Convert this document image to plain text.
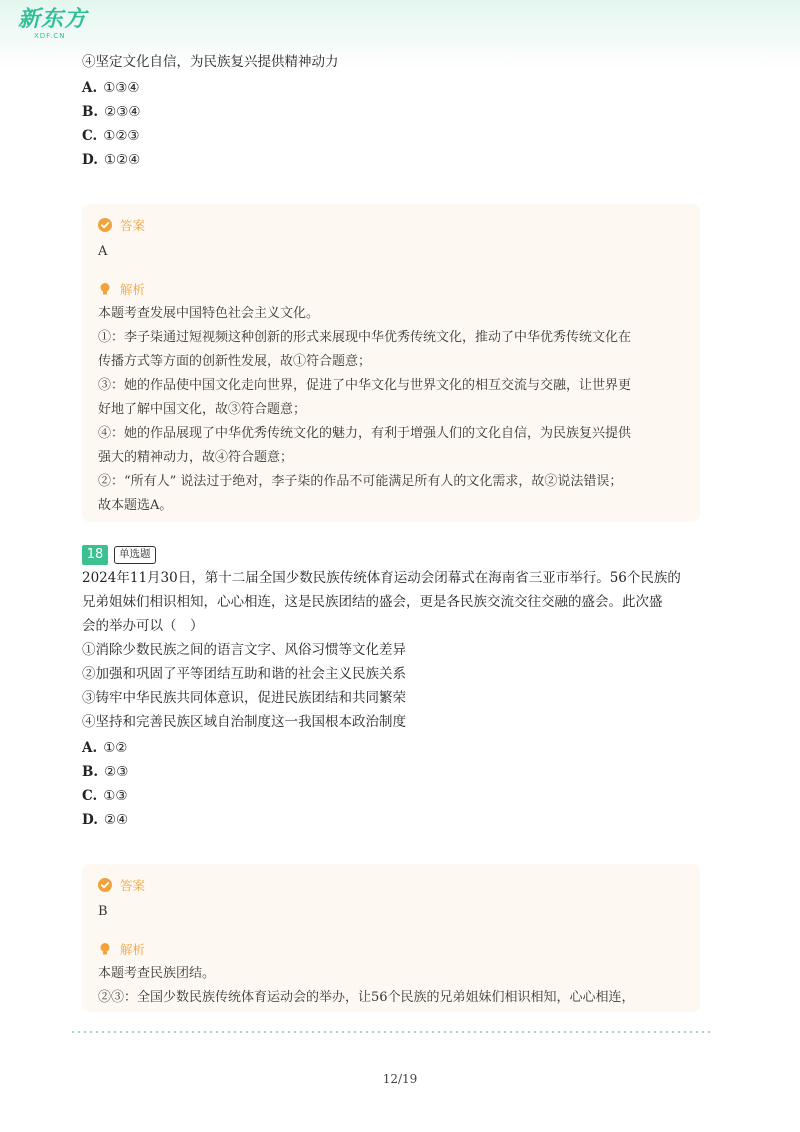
新东方
XDF.CN
④坚定文化自信，为民族复兴提供精神动力
A. ①③④
B. ②③④
C. ①②③
D. ①②④
答案
A
解析
本题考查发展中国特色社会主义文化。
①：李子柒通过短视频这种创新的形式来展现中华优秀传统文化，推动了中华优秀传统文化在
传播方式等方面的创新性发展，故①符合题意；
③：她的作品使中国文化走向世界，促进了中华文化与世界文化的相互交流与交融，让世界更
好地了解中国文化，故③符合题意；
④：她的作品展现了中华优秀传统文化的魅力，有利于增强人们的文化自信，为民族复兴提供
强大的精神动力，故④符合题意；
②：“所有人” 说法过于绝对，李子柒的作品不可能满足所有人的文化需求，故②说法错误；
故本题选A。
18	单选题
2024年11月30日，第十二届全国少数民族传统体育运动会闭幕式在海南省三亚市举行。56个民族的
兄弟姐妹们相识相知，心心相连，这是民族团结的盛会，更是各民族交流交往交融的盛会。此次盛
会的举办可以（　）
①消除少数民族之间的语言文字、风俗习惯等文化差异
②加强和巩固了平等团结互助和谐的社会主义民族关系
③铸牢中华民族共同体意识，促进民族团结和共同繁荣
④坚持和完善民族区域自治制度这一我国根本政治制度
A. ①②
B. ②③
C. ①③
D. ②④
答案
B
解析
本题考查民族团结。
②③：全国少数民族传统体育运动会的举办，让56个民族的兄弟姐妹们相识相知，心心相连，
12/19
